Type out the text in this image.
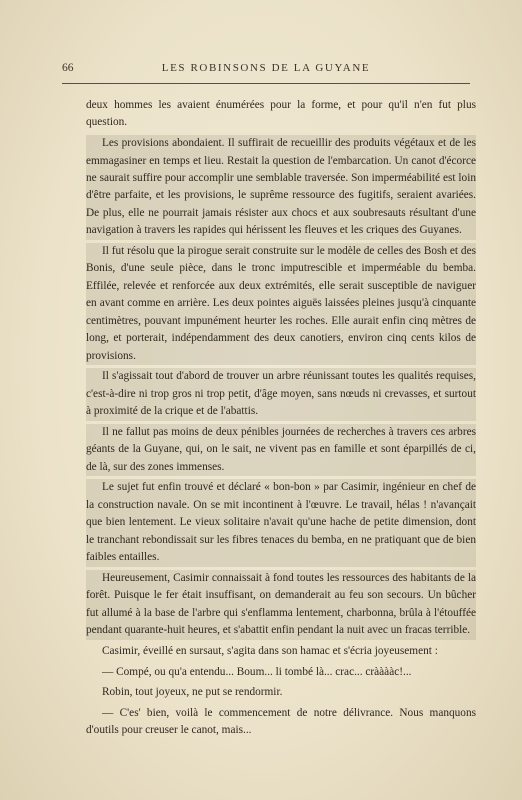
66	LES ROBINSONS DE LA GUYANE

deux hommes les avaient énumérées pour la forme, et pour qu'il n'en fut plus question.

Les provisions abondaient. Il suffirait de recueillir des produits végétaux et de les emmagasiner en temps et lieu. Restait la question de l'embarcation. Un canot d'écorce ne saurait suffire pour accomplir une semblable traversée. Son imperméabilité est loin d'être parfaite, et les provisions, le suprême ressource des fugitifs, seraient avariées. De plus, elle ne pourrait jamais résister aux chocs et aux soubresauts résultant d'une navigation à travers les rapides qui hérissent les fleuves et les criques des Guyanes.

Il fut résolu que la pirogue serait construite sur le modèle de celles des Bosh et des Bonis, d'une seule pièce, dans le tronc imputrescible et imperméable du bemba. Effilée, relevée et renforcée aux deux extrémités, elle serait susceptible de naviguer en avant comme en arrière. Les deux pointes aiguës laissées pleines jusqu'à cinquante centimètres, pouvant impunément heurter les roches. Elle aurait enfin cinq mètres de long, et porterait, indépendamment des deux canotiers, environ cinq cents kilos de provisions.

Il s'agissait tout d'abord de trouver un arbre réunissant toutes les qualités requises, c'est-à-dire ni trop gros ni trop petit, d'âge moyen, sans nœuds ni crevasses, et surtout à proximité de la crique et de l'abattis.

Il ne fallut pas moins de deux pénibles journées de recherches à travers ces arbres géants de la Guyane, qui, on le sait, ne vivent pas en famille et sont éparpillés de ci, de là, sur des zones immenses.

Le sujet fut enfin trouvé et déclaré « bon-bon » par Casimir, ingénieur en chef de la construction navale. On se mit incontinent à l'œuvre. Le travail, hélas ! n'avançait que bien lentement. Le vieux solitaire n'avait qu'une hache de petite dimension, dont le tranchant rebondissait sur les fibres tenaces du bemba, en ne pratiquant que de bien faibles entailles.

Heureusement, Casimir connaissait à fond toutes les ressources des habitants de la forêt. Puisque le fer était insuffisant, on demanderait au feu son secours. Un bûcher fut allumé à la base de l'arbre qui s'enflamma lentement, charbonna, brûla à l'étouffée pendant quarante-huit heures, et s'abattit enfin pendant la nuit avec un fracas terrible.

Casimir, éveillé en sursaut, s'agita dans son hamac et s'écria joyeusement :

— Compé, ou qu'a entendu... Boum... li tombé là... crac... crààààc!...

Robin, tout joyeux, ne put se rendormir.

— C'es' bien, voilà le commencement de notre délivrance. Nous manquons d'outils pour creuser le canot, mais...
